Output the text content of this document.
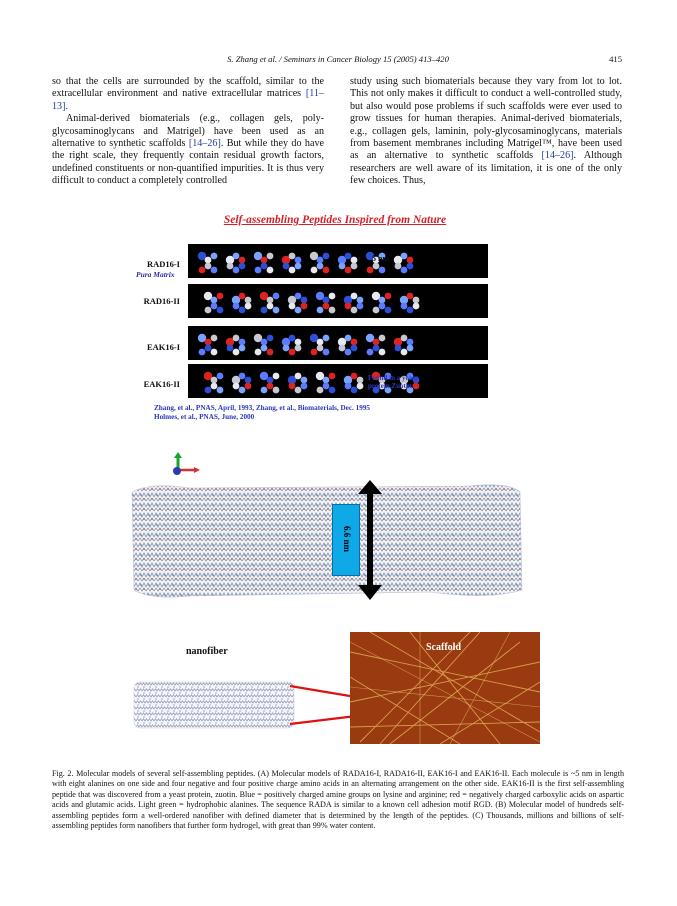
S. Zhang et al. / Seminars in Cancer Biology 15 (2005) 413–420	415

so that the cells are surrounded by the scaffold, similar to the extracellular environment and native extracellular matrices [11–13].

Animal-derived biomaterials (e.g., collagen gels, poly-glycosaminoglycans and Matrigel) have been used as an alternative to synthetic scaffolds [14–26]. But while they do have the right scale, they frequently contain residual growth factors, undefined constituents or non-quantified impurities. It is thus very difficult to conduct a completely controlled

study using such biomaterials because they vary from lot to lot. This not only makes it difficult to conduct a well-controlled study, but also would pose problems if such scaffolds were ever used to grow tissues for human therapies. Animal-derived biomaterials, e.g., collagen gels, laminin, poly-glycosaminoglycans, materials from basement membranes including Matrigel™, have been used as an alternative to synthetic scaffolds [14–26]. Although researchers are well aware of its limitation, it is one of the only few choices. Thus,

Self-assembling Peptides Inspired from Nature
RAD16-I
Pura Matrix
RAD16-II
EAK16-I
EAK16-II
5 nm
Found in a yeast protein,Zuotin
Zhang, et al., PNAS, April, 1993, Zhang, et al., Biomaterials, Dec. 1995
Holmes, et al., PNAS, June, 2000
6.6 nm
nanofiber	Scaffold

Fig. 2. Molecular models of several self-assembling peptides. (A) Molecular models of RADA16-I, RADA16-II, EAK16-I and EAK16-II. Each molecule is ~5 nm in length with eight alanines on one side and four negative and four positive charge amino acids in an alternating arrangement on the other side. EAK16-II is the first self-assembling peptide that was discovered from a yeast protein, zuotin. Blue = positively charged amine groups on lysine and arginine; red = negatively charged carboxylic acids on aspartic acids and glutamic acids. Light green = hydrophobic alanines. The sequence RADA is similar to a known cell adhesion motif RGD. (B) Molecular model of hundreds self-assembling peptides form a well-ordered nanofiber with defined diameter that is determined by the length of the peptides. (C) Thousands, millions and billions of self-assembling peptides form nanofibers that further form hydrogel, with great than 99% water content.
